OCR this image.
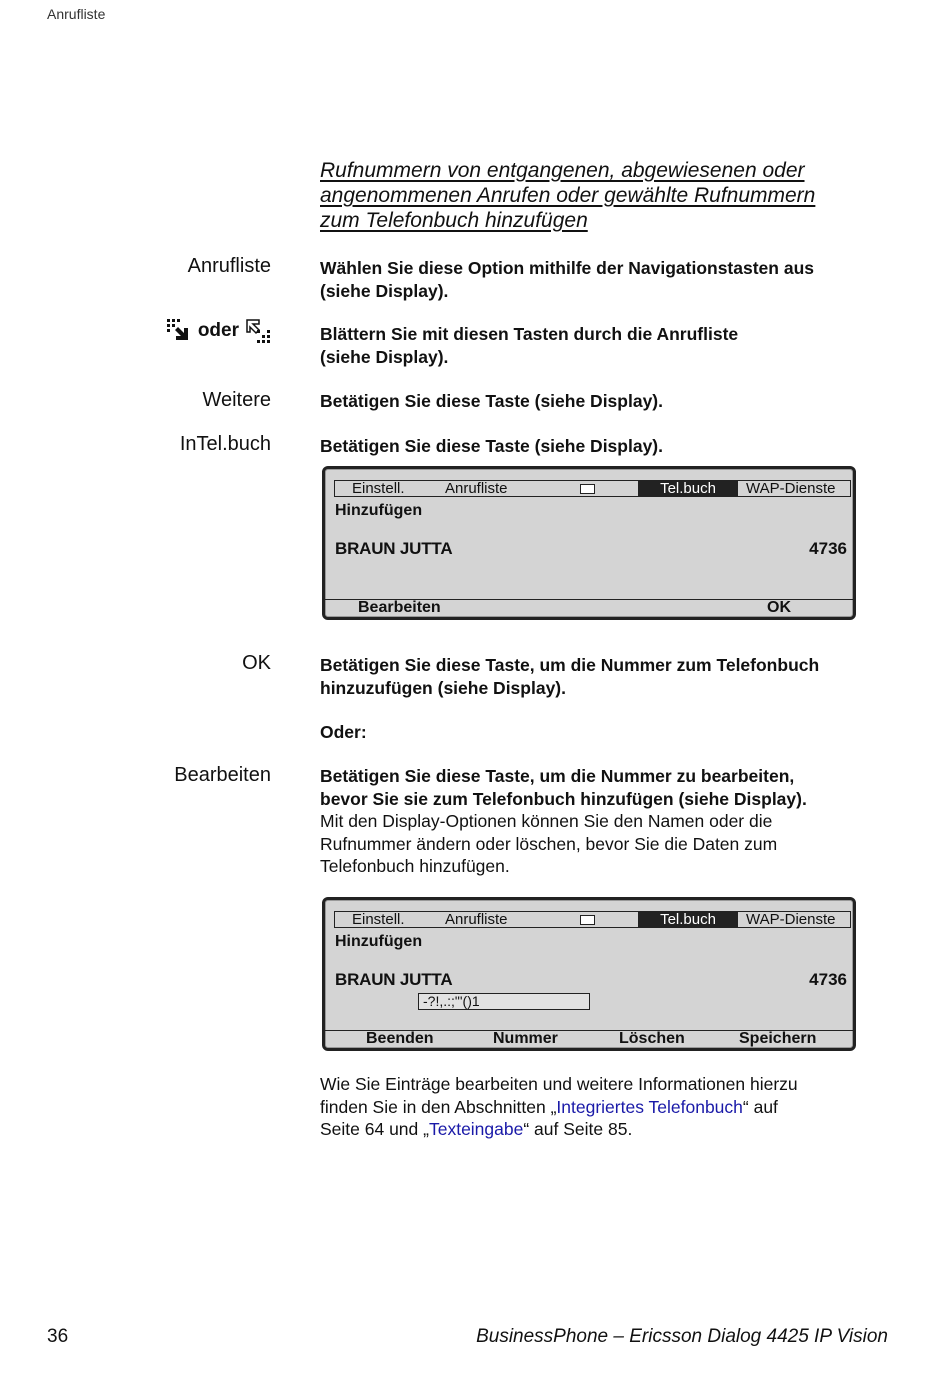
Anrufliste
Rufnummern von entgangenen, abgewiesenen oder
angenommenen Anrufen oder gewählte Rufnummern
zum Telefonbuch hinzufügen
Anrufliste	Wählen Sie diese Option mithilfe der Navigationstasten aus
(siehe Display).
oder	Blättern Sie mit diesen Tasten durch die Anrufliste
(siehe Display).
Weitere	Betätigen Sie diese Taste (siehe Display).
InTel.buch	Betätigen Sie diese Taste (siehe Display).
Einstell.	Anrufliste	Tel.buch	WAP-Dienste
Hinzufügen
BRAUN JUTTA	4736
Bearbeiten	OK
OK	Betätigen Sie diese Taste, um die Nummer zum Telefonbuch
hinzuzufügen (siehe Display).
Oder:
Bearbeiten	Betätigen Sie diese Taste, um die Nummer zu bearbeiten,
bevor Sie sie zum Telefonbuch hinzufügen (siehe Display).
Mit den Display-Optionen können Sie den Namen oder die
Rufnummer ändern oder löschen, bevor Sie die Daten zum
Telefonbuch hinzufügen.
Einstell.	Anrufliste	Tel.buch	WAP-Dienste
Hinzufügen
BRAUN JUTTA	4736
-?!,.:;"'()1
Beenden	Nummer	Löschen	Speichern
Wie Sie Einträge bearbeiten und weitere Informationen hierzu
finden Sie in den Abschnitten „Integriertes Telefonbuch“ auf
Seite 64 und „Texteingabe“ auf Seite 85.
36	BusinessPhone – Ericsson Dialog 4425 IP Vision
